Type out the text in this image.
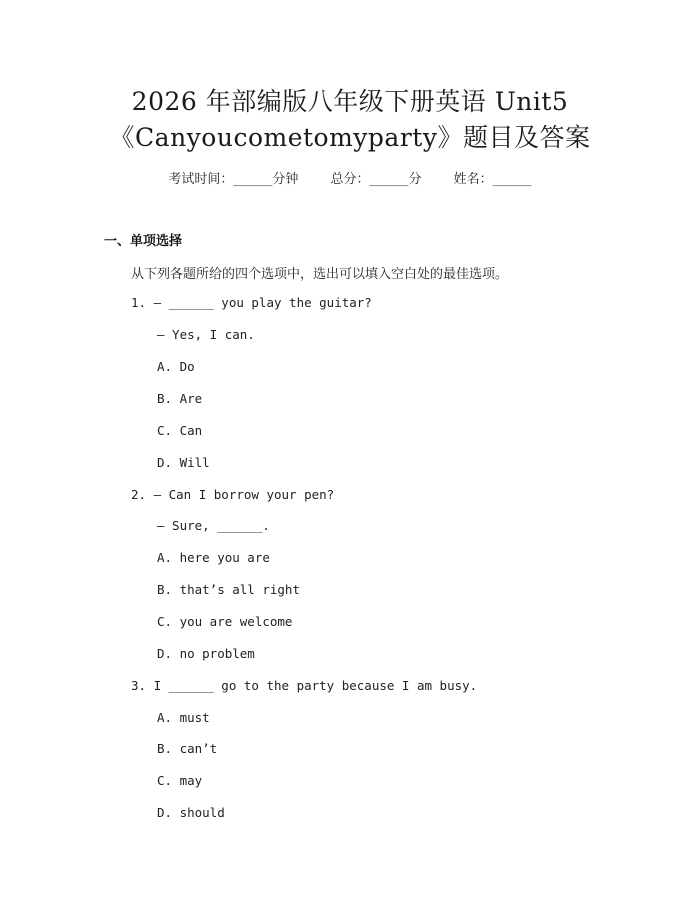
2026 年部编版八年级下册英语 Unit5
《Canyoucometomyparty》题目及答案
考试时间：______分钟 总分：______分 姓名：______
一、单项选择
从下列各题所给的四个选项中，选出可以填入空白处的最佳选项。
1. — ______ you play the guitar?
— Yes, I can.
A. Do
B. Are
C. Can
D. Will
2. — Can I borrow your pen?
— Sure, ______.
A. here you are
B. that’s all right
C. you are welcome
D. no problem
3. I ______ go to the party because I am busy.
A. must
B. can’t
C. may
D. should
